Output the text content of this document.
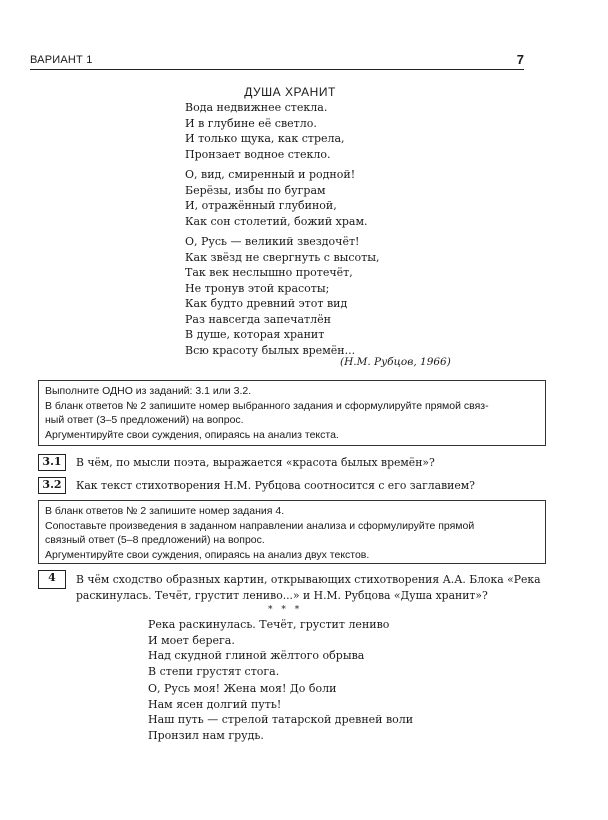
ВАРИАНТ 1	7
ДУША ХРАНИТ
Вода недвижнее стекла.
И в глубине её светло.
И только щука, как стрела,
Пронзает водное стекло.
О, вид, смиренный и родной!
Берёзы, избы по буграм
И, отражённый глубиной,
Как сон столетий, божий храм.
О, Русь — великий звездочёт!
Как звёзд не свергнуть с высоты,
Так век неслышно протечёт,
Не тронув этой красоты;
Как будто древний этот вид
Раз навсегда запечатлён
В душе, которая хранит
Всю красоту былых времён...
(Н.М. Рубцов, 1966)
Выполните ОДНО из заданий: 3.1 или 3.2.
В бланк ответов № 2 запишите номер выбранного задания и сформулируйте прямой связ-
ный ответ (3–5 предложений) на вопрос.
Аргументируйте свои суждения, опираясь на анализ текста.
3.1	В чём, по мысли поэта, выражается «красота былых времён»?
3.2	Как текст стихотворения Н.М. Рубцова соотносится с его заглавием?
В бланк ответов № 2 запишите номер задания 4.
Сопоставьте произведения в заданном направлении анализа и сформулируйте прямой
связный ответ (5–8 предложений) на вопрос.
Аргументируйте свои суждения, опираясь на анализ двух текстов.
4	В чём сходство образных картин, открывающих стихотворения А.А. Блока «Река раскинулась. Течёт, грустит лениво...» и Н.М. Рубцова «Душа хранит»?
* * *
Река раскинулась. Течёт, грустит лениво
И моет берега.
Над скудной глиной жёлтого обрыва
В степи грустят стога.
О, Русь моя! Жена моя! До боли
Нам ясен долгий путь!
Наш путь — стрелой татарской древней воли
Пронзил нам грудь.
